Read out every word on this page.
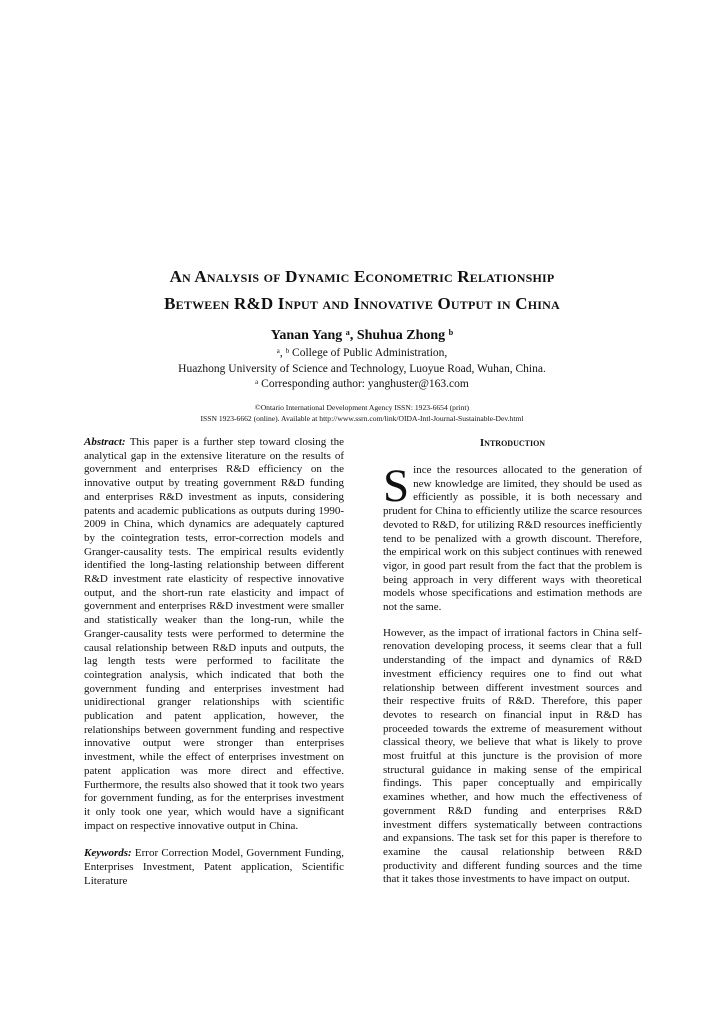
An Analysis of Dynamic Econometric Relationship
Between R&D Input and Innovative Output in China
Yanan Yang ᵃ, Shuhua Zhong ᵇ
ᵃ, ᵇ College of Public Administration,
Huazhong University of Science and Technology, Luoyue Road, Wuhan, China.
ᵃ Corresponding author: yanghuster@163.com
©Ontario International Development Agency ISSN: 1923-6654 (print)
ISSN 1923-6662 (online). Available at http://www.ssrn.com/link/OIDA-Intl-Journal-Sustainable-Dev.html

Abstract: This paper is a further step toward closing the analytical gap in the extensive literature on the results of government and enterprises R&D efficiency on the innovative output by treating government R&D funding and enterprises R&D investment as inputs, considering patents and academic publications as outputs during 1990-2009 in China, which dynamics are adequately captured by the cointegration tests, error-correction models and Granger-causality tests. The empirical results evidently identified the long-lasting relationship between different R&D investment rate elasticity of respective innovative output, and the short-run rate elasticity and impact of government and enterprises R&D investment were smaller and statistically weaker than the long-run, while the Granger-causality tests were performed to determine the causal relationship between R&D inputs and outputs, the lag length tests were performed to facilitate the cointegration analysis, which indicated that both the government funding and enterprises investment had unidirectional granger relationships with scientific publication and patent application, however, the relationships between government funding and respective innovative output were stronger than enterprises investment, while the effect of enterprises investment on patent application was more direct and effective. Furthermore, the results also showed that it took two years for government funding, as for the enterprises investment it only took one year, which would have a significant impact on respective innovative output in China.

Keywords: Error Correction Model, Government Funding, Enterprises Investment, Patent application, Scientific Literature

Introduction

Since the resources allocated to the generation of new knowledge are limited, they should be used as efficiently as possible, it is both necessary and prudent for China to efficiently utilize the scarce resources devoted to R&D, for utilizing R&D resources inefficiently tend to be penalized with a growth discount. Therefore, the empirical work on this subject continues with renewed vigor, in good part result from the fact that the problem is being approach in very different ways with theoretical models whose specifications and estimation methods are not the same.

However, as the impact of irrational factors in China self-renovation developing process, it seems clear that a full understanding of the impact and dynamics of R&D investment efficiency requires one to find out what relationship between different investment sources and their respective fruits of R&D. Therefore, this paper devotes to research on financial input in R&D has proceeded towards the extreme of measurement without classical theory, we believe that what is likely to prove most fruitful at this juncture is the provision of more structural guidance in making sense of the empirical findings. This paper conceptually and empirically examines whether, and how much the effectiveness of government R&D funding and enterprises R&D investment differs systematically between contractions and expansions. The task set for this paper is therefore to examine the causal relationship between R&D productivity and different funding sources and the time that it takes those investments to have impact on output.
